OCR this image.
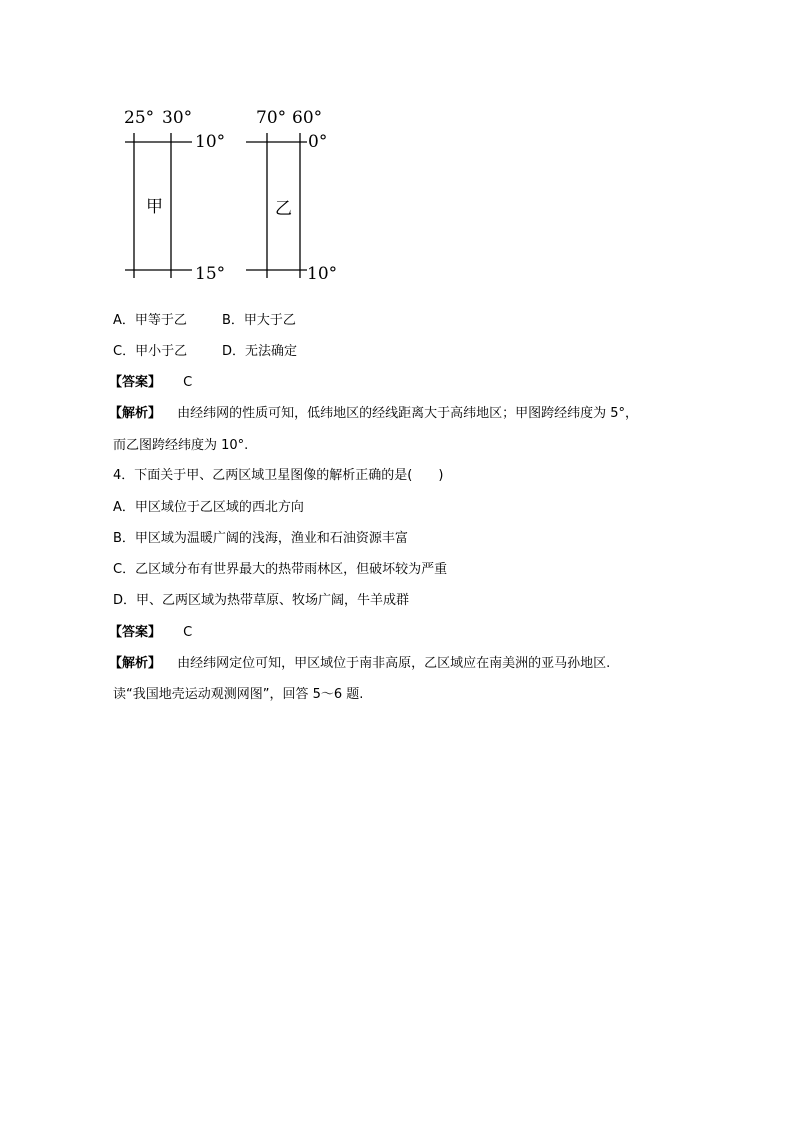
25° 30°
10°
15°
甲
70° 60°
0°
10°
乙
A．甲等于乙	B．甲大于乙
C．甲小于乙	D．无法确定
【答案】 C
【解析】 由经纬网的性质可知，低纬地区的经线距离大于高纬地区；甲图跨经纬度为 5°，
而乙图跨经纬度为 10°.
4．下面关于甲、乙两区域卫星图像的解析正确的是(　　)
A．甲区域位于乙区域的西北方向
B．甲区域为温暖广阔的浅海，渔业和石油资源丰富
C．乙区域分布有世界最大的热带雨林区，但破坏较为严重
D．甲、乙两区域为热带草原、牧场广阔，牛羊成群
【答案】 C
【解析】 由经纬网定位可知，甲区域位于南非高原，乙区域应在南美洲的亚马孙地区.
读“我国地壳运动观测网图”，回答 5～6 题.
